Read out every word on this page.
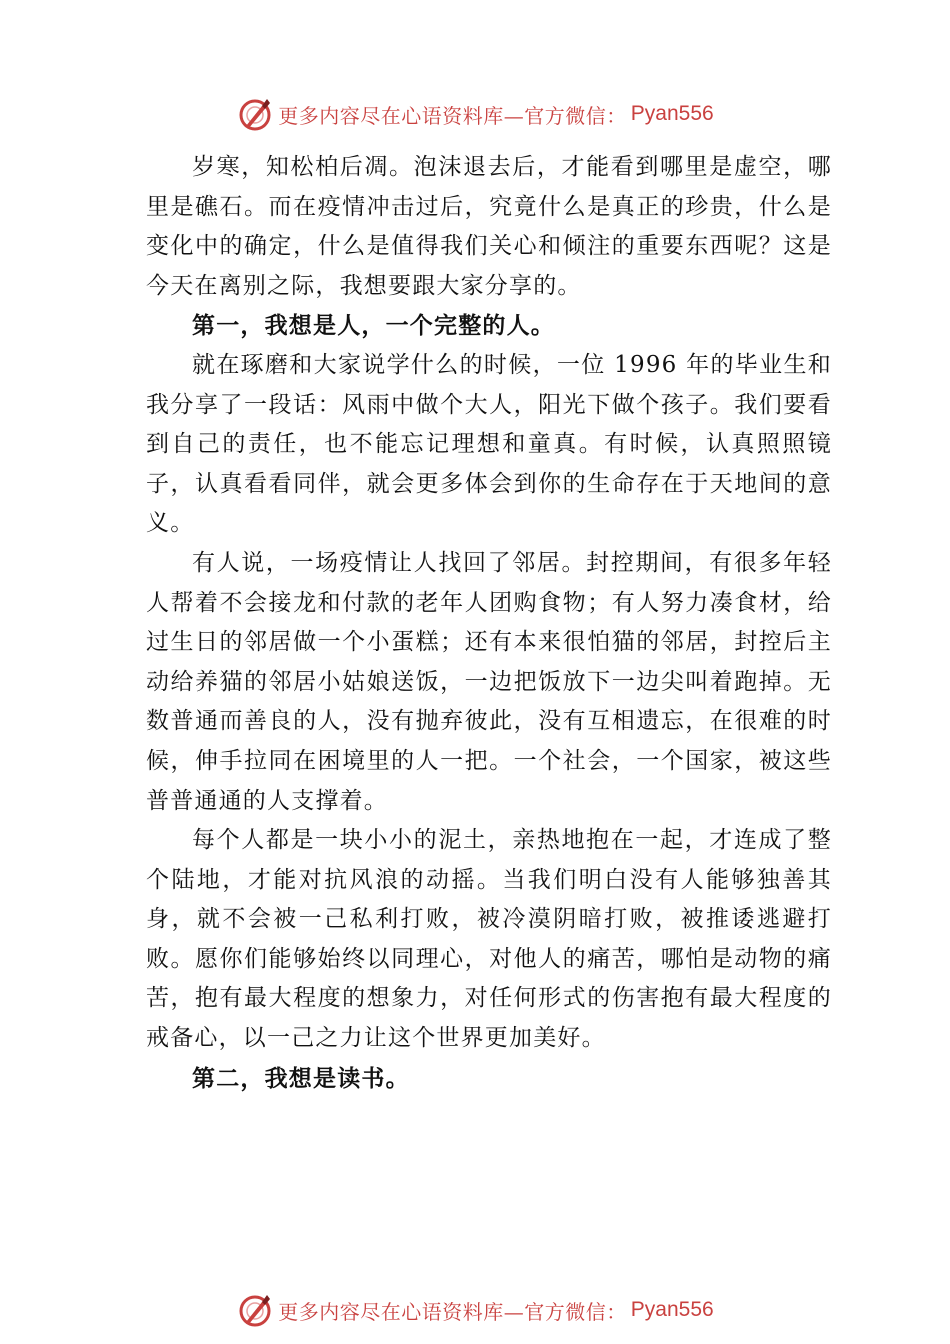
更多内容尽在心语资料库—官方微信： Pyan556

岁寒，知松柏后凋。泡沫退去后，才能看到哪里是虚空，哪里是礁石。而在疫情冲击过后，究竟什么是真正的珍贵，什么是变化中的确定，什么是值得我们关心和倾注的重要东西呢？这是今天在离别之际，我想要跟大家分享的。

第一，我想是人，一个完整的人。

就在琢磨和大家说学什么的时候，一位 1996 年的毕业生和我分享了一段话：风雨中做个大人，阳光下做个孩子。我们要看到自己的责任，也不能忘记理想和童真。有时候，认真照照镜子，认真看看同伴，就会更多体会到你的生命存在于天地间的意义。

有人说，一场疫情让人找回了邻居。封控期间，有很多年轻人帮着不会接龙和付款的老年人团购食物；有人努力凑食材，给过生日的邻居做一个小蛋糕；还有本来很怕猫的邻居，封控后主动给养猫的邻居小姑娘送饭，一边把饭放下一边尖叫着跑掉。无数普通而善良的人，没有抛弃彼此，没有互相遗忘，在很难的时候，伸手拉同在困境里的人一把。一个社会，一个国家，被这些普普通通的人支撑着。

每个人都是一块小小的泥土，亲热地抱在一起，才连成了整个陆地，才能对抗风浪的动摇。当我们明白没有人能够独善其身，就不会被一己私利打败，被冷漠阴暗打败，被推诿逃避打败。愿你们能够始终以同理心，对他人的痛苦，哪怕是动物的痛苦，抱有最大程度的想象力，对任何形式的伤害抱有最大程度的戒备心，以一己之力让这个世界更加美好。

第二，我想是读书。

更多内容尽在心语资料库—官方微信： Pyan556
